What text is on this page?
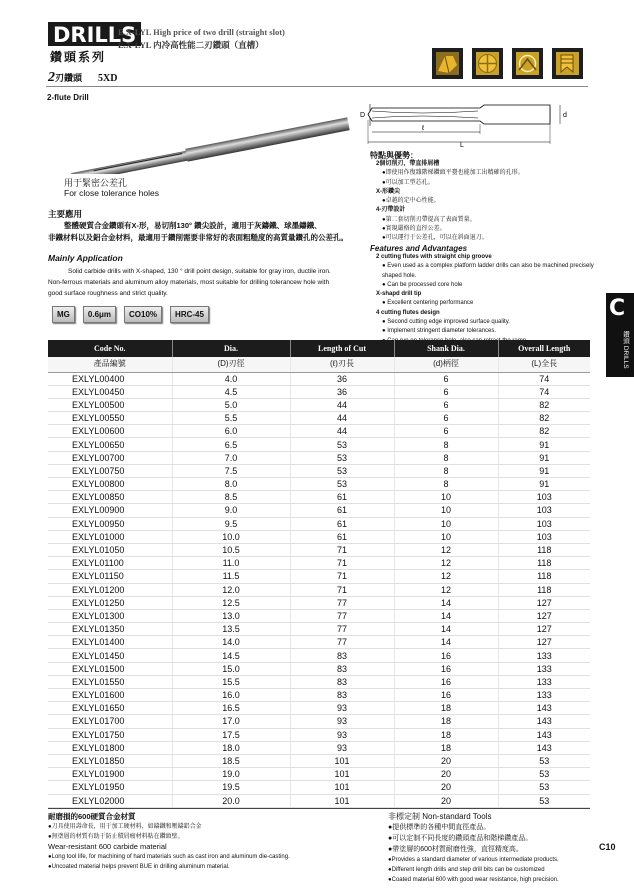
DRILLS
鑽頭系列
E.X-LYL High price of two drill (straight slot)
E.X-LYL 内冷高性能二刃鑽頭（直槽）
2刃鑽頭 5XD
2-flute Drill
用于緊密公差孔
For close tolerance holes
D	d
ℓ
L
主要應用
整體硬質合金鑽頭有X-形，易切削130° 鑽尖設計，適用于灰鑄鐵、球墨鑄鐵、
非鐵材料以及鋁合金材料，最適用于鑽削需要非常好的表面粗糙度的高質量鑽孔的公差孔。
Mainly Application
Solid carbide drills with X-shaped, 130 ° drill point design, suitable for gray iron, ductile iron.
Non-ferrous materials and aluminum alloy materials, most suitable for drilling tolerancew hole with
good surface roughness and strict quality.
MG	0.6μm	CO10%	HRC-45
特點與優勢：
2個切削刃，帶直排屑槽
●即使用作復雜階梯鑽頭平臺也能加工出精確的孔形。
●可以加工型芯孔。
X-形鑽尖
●卓越的定中心性能。
4-刃帶設計
●第二套切削刃帶提高了表面質量。
●實現嚴格的直徑公差。
●可以運行于公差孔，可以在斜面退刀。
Features and Advantages
2 cutting flutes with straight chip groove
● Even used as a complex platform ladder drills can also be machined precisely shaped hole.
● Can be processed core hole
X-shapd drill tip
● Excellent centering performance
4 cutting flutes design
● Second cutting edge improved surface quality.
● Implement stringent diameter tolerances.
C
鑽頭 DRILLS
Code No.	Dia.	Length of Cut	Shank Dia.	Overall Length
產品編號	(D)刃徑	(ℓ)刃長	(d)柄徑	(L)全長
EXLYL00400	4.0	36	6	74
EXLYL00450	4.5	36	6	74
EXLYL00500	5.0	44	6	82
EXLYL00550	5.5	44	6	82
EXLYL00600	6.0	44	6	82
EXLYL00650	6.5	53	8	91
EXLYL00700	7.0	53	8	91
EXLYL00750	7.5	53	8	91
EXLYL00800	8.0	53	8	91
EXLYL00850	8.5	61	10	103
EXLYL00900	9.0	61	10	103
EXLYL00950	9.5	61	10	103
EXLYL01000	10.0	61	10	103
EXLYL01050	10.5	71	12	118
EXLYL01100	11.0	71	12	118
EXLYL01150	11.5	71	12	118
EXLYL01200	12.0	71	12	118
EXLYL01250	12.5	77	14	127
EXLYL01300	13.0	77	14	127
EXLYL01350	13.5	77	14	127
EXLYL01400	14.0	77	14	127
EXLYL01450	14.5	83	16	133
EXLYL01500	15.0	83	16	133
EXLYL01550	15.5	83	16	133
EXLYL01600	16.0	83	16	133
EXLYL01650	16.5	93	18	143
EXLYL01700	17.0	93	18	143
EXLYL01750	17.5	93	18	143
EXLYL01800	18.0	93	18	143
EXLYL01850	18.5	101	20	53
EXLYL01900	19.0	101	20	53
EXLYL01950	19.5	101	20	53
EXLYL02000	20.0	101	20	53
耐磨損的600硬質合金材質
●刀具使用壽命長，用于加工硬材料，如鑄鐵和壓鑄鋁合金
●無塗層的材質有助于防止積屑瘤材料粘在鑽頭壁。
Wear-resistant 600 carbide material
●Long tool life, for machining of hard materials such as cast iron and aluminum die-casting.
●Uncoated material helps prevent BUE in drilling aluminum material.
非標定制 Non-standard Tools
●提供標準的各種中間直徑產品。
●可以定制不同長度的鑽頭產品和階梯鑽產品。
●帶塗層的600材質耐磨性強，直徑精度高。
●Provides a standard diameter of various intermediate products.
●Different length drills and step drill bits can be customized
●Coated material 600 with good wear resistance, high precision.
C10
